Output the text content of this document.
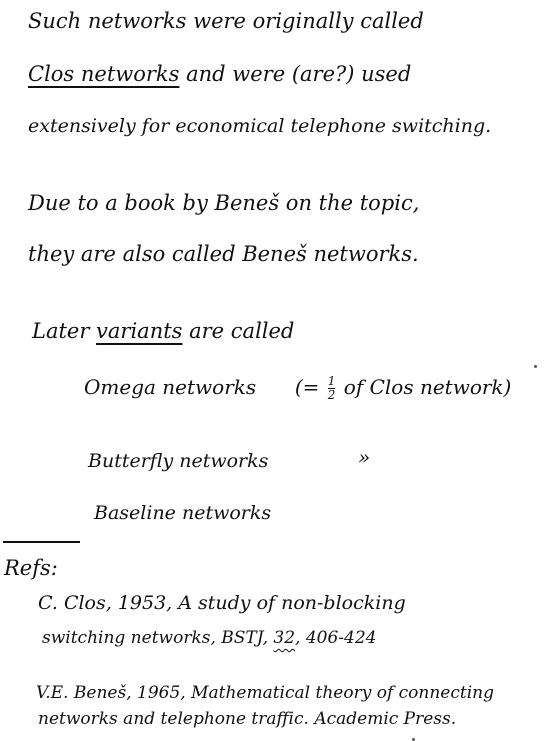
Such networks were originally called
Clos networks and were (are?) used
extensively for economical telephone switching.
Due to a book by Beneš on the topic,
they are also called Beneš networks.
Later variants are called
Omega networks (= $\frac{1}{2}$ of Clos network)
Butterfly networks	»
Baseline networks
Refs:
C. Clos, 1953, A study of non-blocking
switching networks, BSTJ, 32, 406-424
V.E. Beneš, 1965, Mathematical theory of connecting
networks and telephone traffic. Academic Press.
